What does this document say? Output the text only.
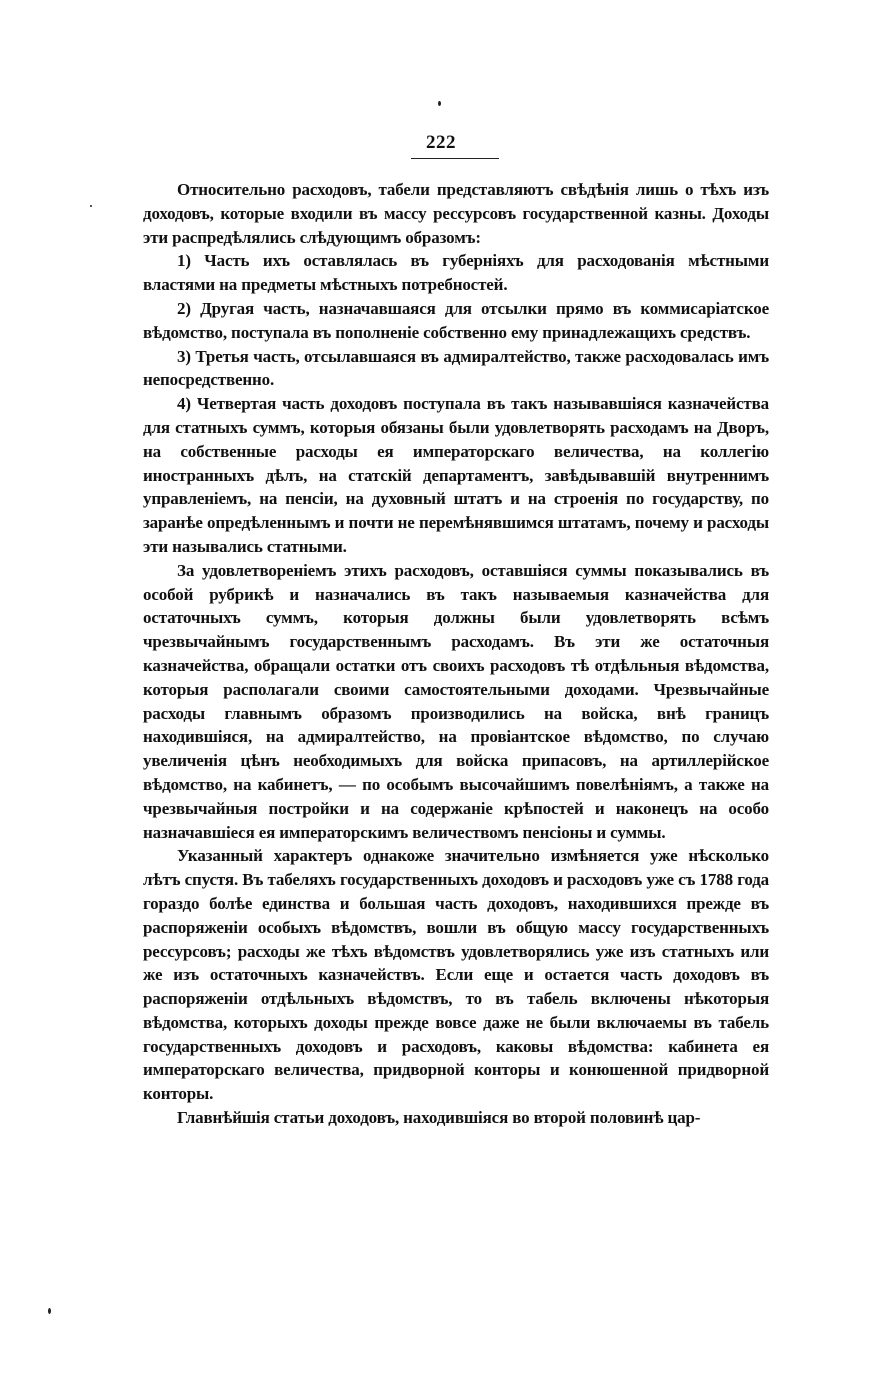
222

Относительно расходовъ, табели представляютъ свѣдѣнія лишь о тѣхъ изъ доходовъ, которые входили въ массу рессурсовъ государственной казны. Доходы эти распредѣлялись слѣдующимъ образомъ:

1) Часть ихъ оставлялась въ губерніяхъ для расходованія мѣстными властями на предметы мѣстныхъ потребностей.

2) Другая часть, назначавшаяся для отсылки прямо въ коммисаріатское вѣдомство, поступала въ пополненіе собственно ему принадлежащихъ средствъ.

3) Третья часть, отсылавшаяся въ адмиралтейство, также расходовалась имъ непосредственно.

4) Четвертая часть доходовъ поступала въ такъ называвшіяся казначейства для статныхъ суммъ, которыя обязаны были удовлетворять расходамъ на Дворъ, на собственные расходы ея императорскаго величества, на коллегію иностранныхъ дѣлъ, на статскій департаментъ, завѣдывавшій внутреннимъ управленіемъ, на пенсіи, на духовный штатъ и на строенія по государству, по заранѣе опредѣленнымъ и почти не перемѣнявшимся штатамъ, почему и расходы эти назывались статными.

За удовлетвореніемъ этихъ расходовъ, оставшіяся суммы показывались въ особой рубрикѣ и назначались въ такъ называемыя казначейства для остаточныхъ суммъ, которыя должны были удовлетворять всѣмъ чрезвычайнымъ государственнымъ расходамъ. Въ эти же остаточныя казначейства, обращали остатки отъ своихъ расходовъ тѣ отдѣльныя вѣдомства, которыя располагали своими самостоятельными доходами. Чрезвычайные расходы главнымъ образомъ производились на войска, внѣ границъ находившіяся, на адмиралтейство, на провіантское вѣдомство, по случаю увеличенія цѣнъ необходимыхъ для войска припасовъ, на артиллерійское вѣдомство, на кабинетъ, — по особымъ высочайшимъ повелѣніямъ, а также на чрезвычайныя постройки и на содержаніе крѣпостей и наконецъ на особо назначавшіеся ея императорскимъ величествомъ пенсіоны и суммы.

Указанный характеръ однакоже значительно измѣняется уже нѣсколько лѣтъ спустя. Въ табеляхъ государственныхъ доходовъ и расходовъ уже съ 1788 года гораздо болѣе единства и большая часть доходовъ, находившихся прежде въ распоряженіи особыхъ вѣдомствъ, вошли въ общую массу государственныхъ рессурсовъ; расходы же тѣхъ вѣдомствъ удовлетворялись уже изъ статныхъ или же изъ остаточныхъ казначействъ. Если еще и остается часть доходовъ въ распоряженіи отдѣльныхъ вѣдомствъ, то въ табель включены нѣкоторыя вѣдомства, которыхъ доходы прежде вовсе даже не были включаемы въ табель государственныхъ доходовъ и расходовъ, каковы вѣдомства: кабинета ея императорскаго величества, придворной конторы и конюшенной придворной конторы.

Главнѣйшія статьи доходовъ, находившіяся во второй половинѣ цар-
